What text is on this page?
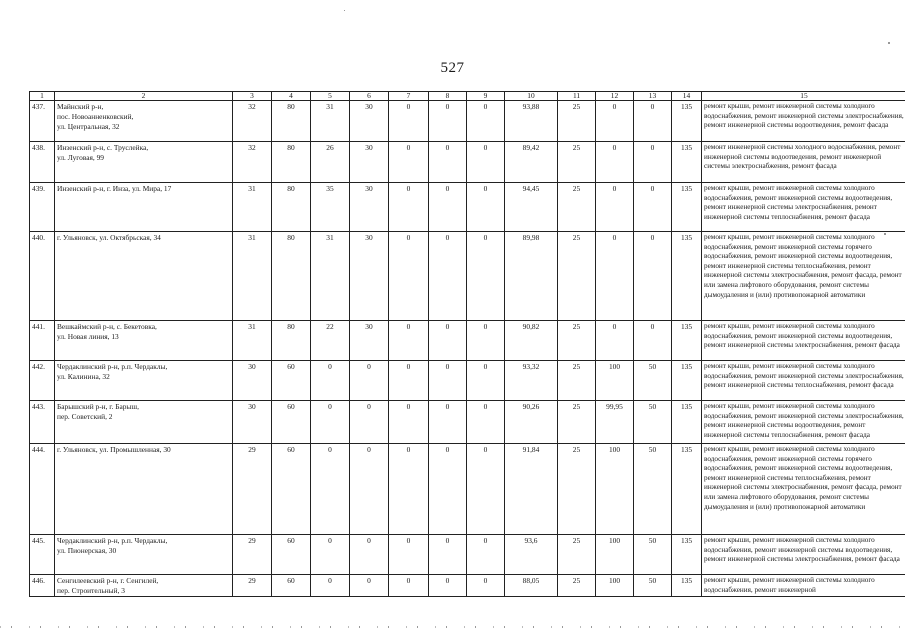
527
1	2	3	4	5	6	7	8	9	10	11	12	13	14	15
437.	Майнский р-н,
пос. Новоанненковский,
ул. Центральная, 32	32	80	31	30	0	0	0	93,88	25	0	0	135	ремонт крыши, ремонт инженерной системы холодного водоснабжения, ремонт инженерной системы электроснабжения, ремонт инженерной системы водоотведения, ремонт фасада
438.	Инзенский р-н, с. Труслейка,
ул. Луговая, 99	32	80	26	30	0	0	0	89,42	25	0	0	135	ремонт инженерной системы холодного водоснабжения, ремонт инженерной системы водоотведения, ремонт инженерной системы электроснабжения, ремонт фасада
439.	Инзенский р-н, г. Инза, ул. Мира, 17	31	80	35	30	0	0	0	94,45	25	0	0	135	ремонт крыши, ремонт инженерной системы холодного водоснабжения, ремонт инженерной системы водоотведения, ремонт инженерной системы электроснабжения, ремонт инженерной системы теплоснабжения, ремонт фасада
440.	г. Ульяновск, ул. Октябрьская, 34	31	80	31	30	0	0	0	89,98	25	0	0	135	ремонт крыши, ремонт инженерной системы холодного водоснабжения, ремонт инженерной системы горячего водоснабжения, ремонт инженерной системы водоотведения, ремонт инженерной системы теплоснабжения, ремонт инженерной системы электроснабжения, ремонт фасада, ремонт или замена лифтового оборудования, ремонт системы дымоудаления и (или) противопожарной автоматики
441.	Вешкаймский р-н, с. Бекетовка,
ул. Новая линия, 13	31	80	22	30	0	0	0	90,82	25	0	0	135	ремонт крыши, ремонт инженерной системы холодного водоснабжения, ремонт инженерной системы водоотведения, ремонт инженерной системы электроснабжения, ремонт фасада
442.	Чердаклинский р-н, р.п. Чердаклы,
ул. Калинина, 32	30	60	0	0	0	0	0	93,32	25	100	50	135	ремонт крыши, ремонт инженерной системы холодного водоснабжения, ремонт инженерной системы электроснабжения, ремонт инженерной системы теплоснабжения, ремонт фасада
443.	Барышский р-н, г. Барыш,
пер. Советский, 2	30	60	0	0	0	0	0	90,26	25	99,95	50	135	ремонт крыши, ремонт инженерной системы холодного водоснабжения, ремонт инженерной системы электроснабжения, ремонт инженерной системы водоотведения, ремонт инженерной системы теплоснабжения, ремонт фасада
444.	г. Ульяновск, ул. Промышленная, 30	29	60	0	0	0	0	0	91,84	25	100	50	135	ремонт крыши, ремонт инженерной системы холодного водоснабжения, ремонт инженерной системы горячего водоснабжения, ремонт инженерной системы водоотведения, ремонт инженерной системы теплоснабжения, ремонт инженерной системы электроснабжения, ремонт фасада, ремонт или замена лифтового оборудования, ремонт системы дымоудаления и (или) противопожарной автоматики
445.	Чердаклинский р-н, р.п. Чердаклы,
ул. Пионерская, 30	29	60	0	0	0	0	0	93,6	25	100	50	135	ремонт крыши, ремонт инженерной системы холодного водоснабжения, ремонт инженерной системы водоотведения, ремонт инженерной системы электроснабжения, ремонт фасада
446.	Сенгилеевский р-н, г. Сенгилей,
пер. Строительный, 3	29	60	0	0	0	0	0	88,05	25	100	50	135	ремонт крыши, ремонт инженерной системы холодного водоснабжения, ремонт инженерной
